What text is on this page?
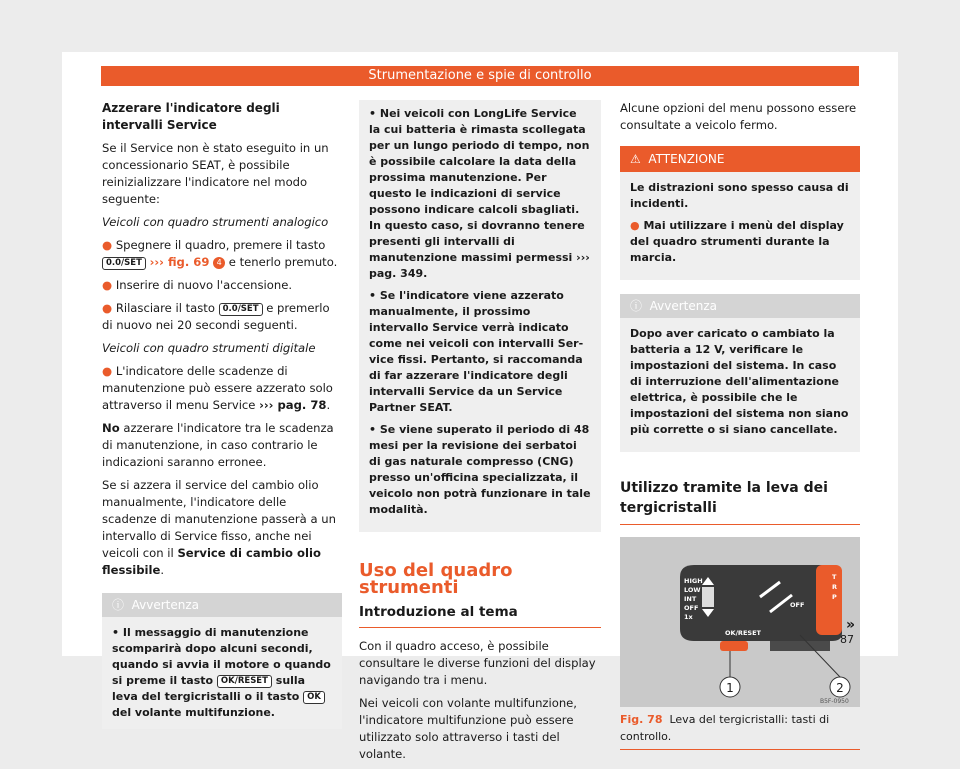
Strumentazione e spie di controllo

Azzerare l'indicatore degli intervalli Service

Se il Service non è stato eseguito in un concessionario SEAT, è possibile reinizializzare l'indicatore nel modo seguente:

Veicoli con quadro strumenti analogico

● Spegnere il quadro, premere il tasto 0.0/SET ››› fig. 69 4 e tenerlo premuto.

● Inserire di nuovo l'accensione.

● Rilasciare il tasto 0.0/SET e premerlo di nuovo nei 20 secondi seguenti.

Veicoli con quadro strumenti digitale

● L'indicatore delle scadenze di manutenzione può essere azzerato solo attraverso il menu Service ››› pag. 78.

No azzerare l'indicatore tra le scadenza di manutenzione, in caso contrario le indicazioni saranno erronee.

Se si azzera il service del cambio olio manualmente, l'indicatore delle scadenze di manutenzione passerà a un intervallo di Service fisso, anche nei veicoli con il Service di cambio olio flessibile.

ⓘ Avvertenza
• Il messaggio di manutenzione scomparirà dopo alcuni secondi, quando si avvia il motore o quando si preme il tasto OK/RESET sulla leva del tergicristalli o il tasto OK del volante multifunzione.

• Nei veicoli con LongLife Service la cui batteria è rimasta scollegata per un lungo periodo di tempo, non è possibile calcolare la data della prossima manutenzione. Per questo le indicazioni di service possono indicare calcoli sbagliati. In questo caso, si dovranno tenere presenti gli intervalli di manutenzione massimi permessi ››› pag. 349.

• Se l'indicatore viene azzerato manualmente, il prossimo intervallo Service verrà indicato come nei veicoli con intervalli Service fissi. Pertanto, si raccomanda di far azzerare l'indicatore degli intervalli Service da un Service Partner SEAT.

• Se viene superato il periodo di 48 mesi per la revisione dei serbatoi di gas naturale compresso (CNG) presso un'officina specializzata, il veicolo non potrà funzionare in tale modalità.

Uso del quadro strumenti
Introduzione al tema

Con il quadro acceso, è possibile consultare le diverse funzioni del display navigando tra i menu.

Nei veicoli con volante multifunzione, l'indicatore multifunzione può essere utilizzato solo attraverso i tasti del volante.

Alcune opzioni del menu possono essere consultate a veicolo fermo.

⚠ ATTENZIONE

Le distrazioni sono spesso causa di incidenti.

● Mai utilizzare i menù del display del quadro strumenti durante la marcia.

ⓘ Avvertenza

Dopo aver caricato o cambiato la batteria a 12 V, verificare le impostazioni del sistema. In caso di interruzione dell'alimentazione elettrica, è possibile che le impostazioni del sistema non siano più corrette o si siano cancellate.

Utilizzo tramite la leva dei tergicristalli
HIGH
LOW
INT
OFF
1x
OK/RESET
OFF
T
R
P
1	2
B5F-0950
Fig. 78 Leva del tergicristalli: tasti di controllo.
»
87
